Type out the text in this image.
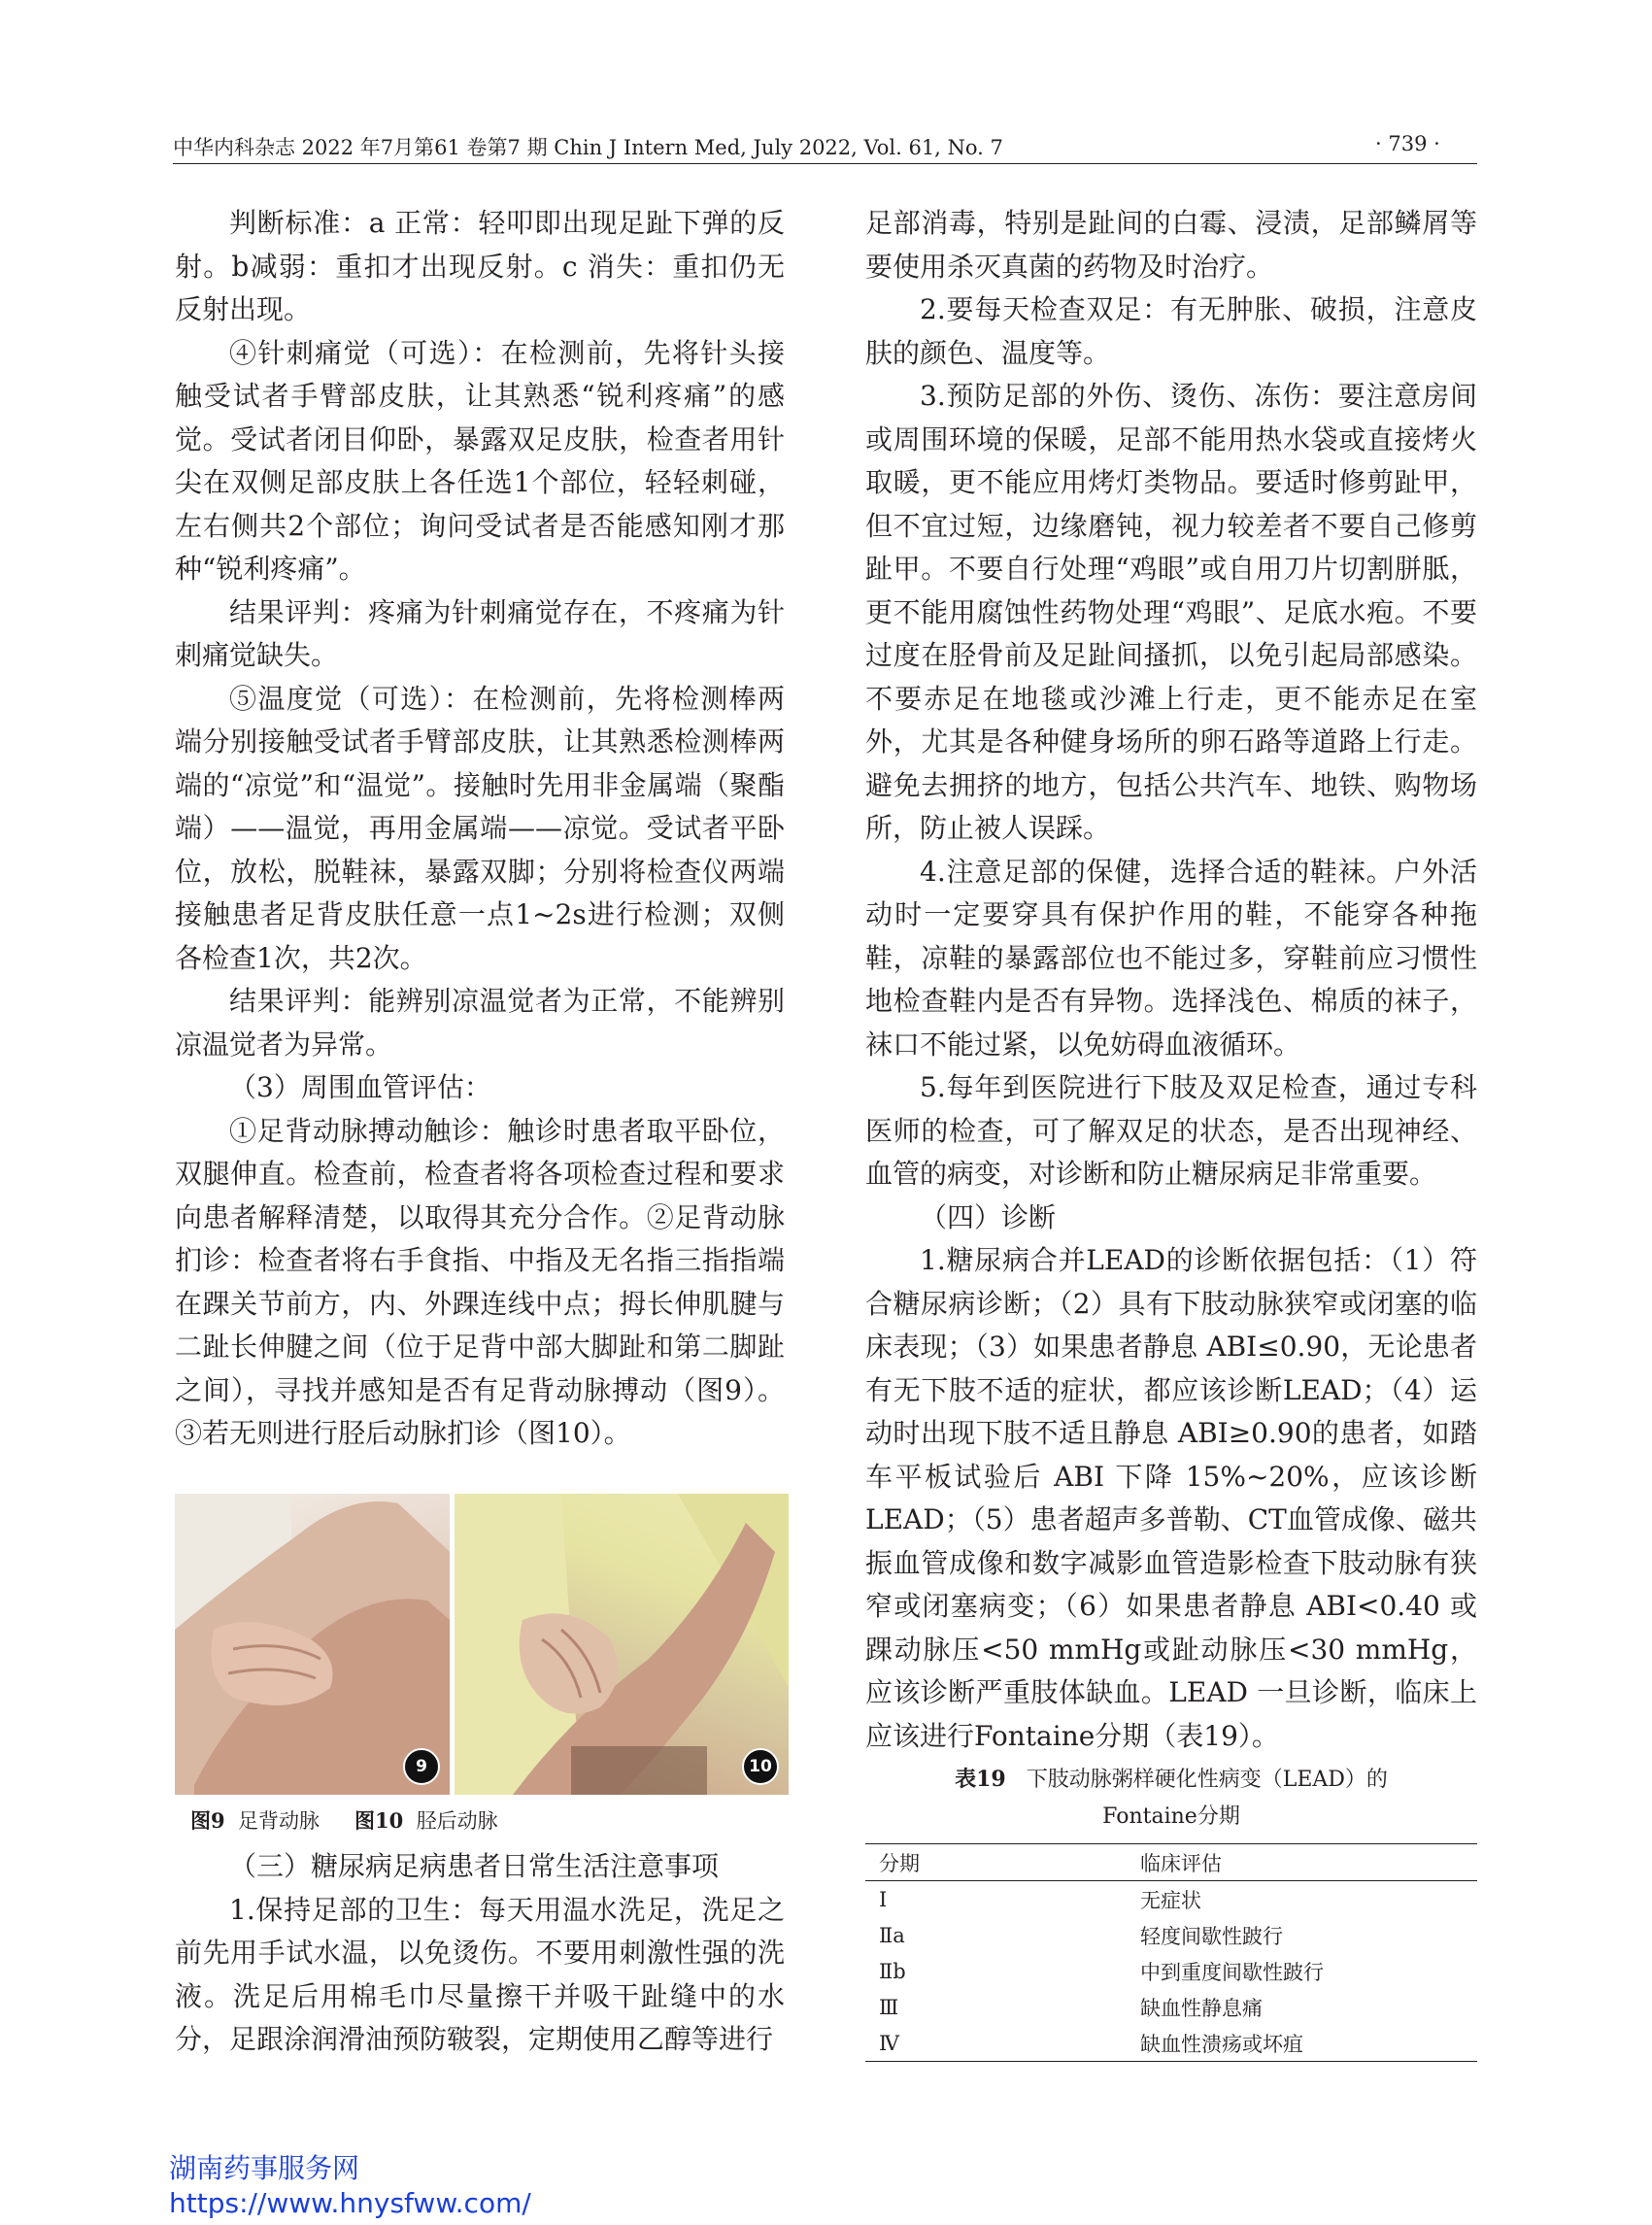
中华内科杂志 2022 年7月第61 卷第7 期 Chin J Intern Med, July 2022, Vol. 61, No. 7	· 739 ·

判断标准：a 正常：轻叩即出现足趾下弹的反射。b减弱：重扣才出现反射。c 消失：重扣仍无反射出现。

④针刺痛觉（可选）：在检测前，先将针头接触受试者手臂部皮肤，让其熟悉“锐利疼痛”的感觉。受试者闭目仰卧，暴露双足皮肤，检查者用针尖在双侧足部皮肤上各任选1个部位，轻轻刺碰，左右侧共2个部位；询问受试者是否能感知刚才那种“锐利疼痛”。

结果评判：疼痛为针刺痛觉存在，不疼痛为针刺痛觉缺失。

⑤温度觉（可选）：在检测前，先将检测棒两端分别接触受试者手臂部皮肤，让其熟悉检测棒两端的“凉觉”和“温觉”。接触时先用非金属端（聚酯端）——温觉，再用金属端——凉觉。受试者平卧位，放松，脱鞋袜，暴露双脚；分别将检查仪两端接触患者足背皮肤任意一点1~2s进行检测；双侧各检查1次，共2次。

结果评判：能辨别凉温觉者为正常，不能辨别凉温觉者为异常。

（3）周围血管评估：

①足背动脉搏动触诊：触诊时患者取平卧位，双腿伸直。检查前，检查者将各项检查过程和要求向患者解释清楚，以取得其充分合作。②足背动脉扪诊：检查者将右手食指、中指及无名指三指指端在踝关节前方，内、外踝连线中点；拇长伸肌腱与二趾长伸腱之间（位于足背中部大脚趾和第二脚趾之间），寻找并感知是否有足背动脉搏动（图9）。③若无则进行胫后动脉扪诊（图10）。

9	10
图9 足背动脉 图10 胫后动脉

（三）糖尿病足病患者日常生活注意事项

1.保持足部的卫生：每天用温水洗足，洗足之前先用手试水温，以免烫伤。不要用刺激性强的洗液。洗足后用棉毛巾尽量擦干并吸干趾缝中的水分，足跟涂润滑油预防皲裂，定期使用乙醇等进行

足部消毒，特别是趾间的白霉、浸渍，足部鳞屑等要使用杀灭真菌的药物及时治疗。

2.要每天检查双足：有无肿胀、破损，注意皮肤的颜色、温度等。

3.预防足部的外伤、烫伤、冻伤：要注意房间或周围环境的保暖，足部不能用热水袋或直接烤火取暖，更不能应用烤灯类物品。要适时修剪趾甲，但不宜过短，边缘磨钝，视力较差者不要自己修剪趾甲。不要自行处理“鸡眼”或自用刀片切割胼胝，更不能用腐蚀性药物处理“鸡眼”、足底水疱。不要过度在胫骨前及足趾间搔抓，以免引起局部感染。不要赤足在地毯或沙滩上行走，更不能赤足在室外，尤其是各种健身场所的卵石路等道路上行走。避免去拥挤的地方，包括公共汽车、地铁、购物场所，防止被人误踩。

4.注意足部的保健，选择合适的鞋袜。户外活动时一定要穿具有保护作用的鞋，不能穿各种拖鞋，凉鞋的暴露部位也不能过多，穿鞋前应习惯性地检查鞋内是否有异物。选择浅色、棉质的袜子，袜口不能过紧，以免妨碍血液循环。

5.每年到医院进行下肢及双足检查，通过专科医师的检查，可了解双足的状态，是否出现神经、血管的病变，对诊断和防止糖尿病足非常重要。

（四）诊断

1.糖尿病合并LEAD的诊断依据包括：（1）符合糖尿病诊断；（2）具有下肢动脉狭窄或闭塞的临床表现；（3）如果患者静息 ABI≤0.90，无论患者有无下肢不适的症状，都应该诊断LEAD；（4）运动时出现下肢不适且静息 ABI≥0.90的患者，如踏车平板试验后 ABI 下降 15%~20%，应该诊断 LEAD；（5）患者超声多普勒、CT血管成像、磁共振血管成像和数字减影血管造影检查下肢动脉有狭窄或闭塞病变；（6）如果患者静息 ABI<0.40 或踝动脉压<50 mmHg或趾动脉压<30 mmHg，应该诊断严重肢体缺血。LEAD 一旦诊断，临床上应该进行Fontaine分期（表19）。

表19 下肢动脉粥样硬化性病变（LEAD）的
Fontaine分期
分期	临床评估
Ⅰ	无症状
Ⅱa	轻度间歇性跛行
Ⅱb	中到重度间歇性跛行
Ⅲ	缺血性静息痛
Ⅳ	缺血性溃疡或坏疽
湖南药事服务网
https://www.hnysfww.com/
